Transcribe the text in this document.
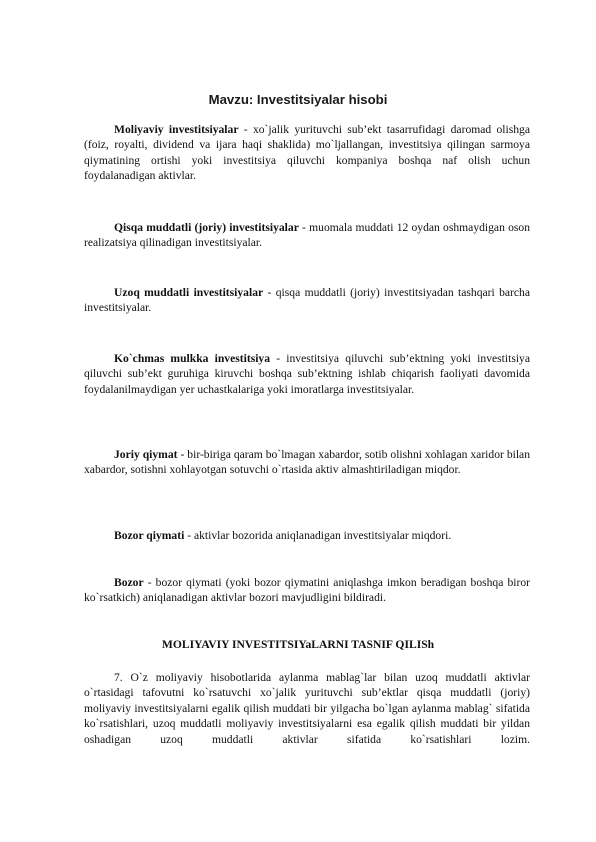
Mavzu: Investitsiyalar hisobi

Moliyaviy investitsiyalar - xo`jalik yurituvchi sub’ekt tasarrufidagi daromad olishga (foiz, royalti, dividend va ijara haqi shaklida) mo`ljallangan, investitsiya qilingan sarmoya qiymatining ortishi yoki investitsiya qiluvchi kompaniya boshqa naf olish uchun foydalanadigan aktivlar.

Qisqa muddatli (joriy) investitsiyalar - muomala muddati 12 oydan oshmaydigan oson realizatsiya qilinadigan investitsiyalar.

Uzoq muddatli investitsiyalar - qisqa muddatli (joriy) investitsiyadan tashqari barcha investitsiyalar.

Ko`chmas mulkka investitsiya - investitsiya qiluvchi sub’ektning yoki investitsiya qiluvchi sub’ekt guruhiga kiruvchi boshqa sub’ektning ishlab chiqarish faoliyati davomida foydalanilmaydigan yer uchastkalariga yoki imoratlarga investitsiyalar.

Joriy qiymat - bir-biriga qaram bo`lmagan xabardor, sotib olishni xohlagan xaridor bilan xabardor, sotishni xohlayotgan sotuvchi o`rtasida aktiv almashtiriladigan miqdor.

Bozor qiymati - aktivlar bozorida aniqlanadigan investitsiyalar miqdori.

Bozor - bozor qiymati (yoki bozor qiymatini aniqlashga imkon beradigan boshqa biror ko`rsatkich) aniqlanadigan aktivlar bozori mavjudligini bildiradi.

MOLIYAVIY INVESTITSIYaLARNI TASNIF QILISh

7. O`z moliyaviy hisobotlarida aylanma mablag`lar bilan uzoq muddatli aktivlar o`rtasidagi tafovutni ko`rsatuvchi xo`jalik yurituvchi sub’ektlar qisqa muddatli (joriy) moliyaviy investitsiyalarni egalik qilish muddati bir yilgacha bo`lgan aylanma mablag` sifatida ko`rsatishlari, uzoq muddatli moliyaviy investitsiyalarni esa egalik qilish muddati bir yildan oshadigan uzoq muddatli aktivlar sifatida ko`rsatishlari lozim.
